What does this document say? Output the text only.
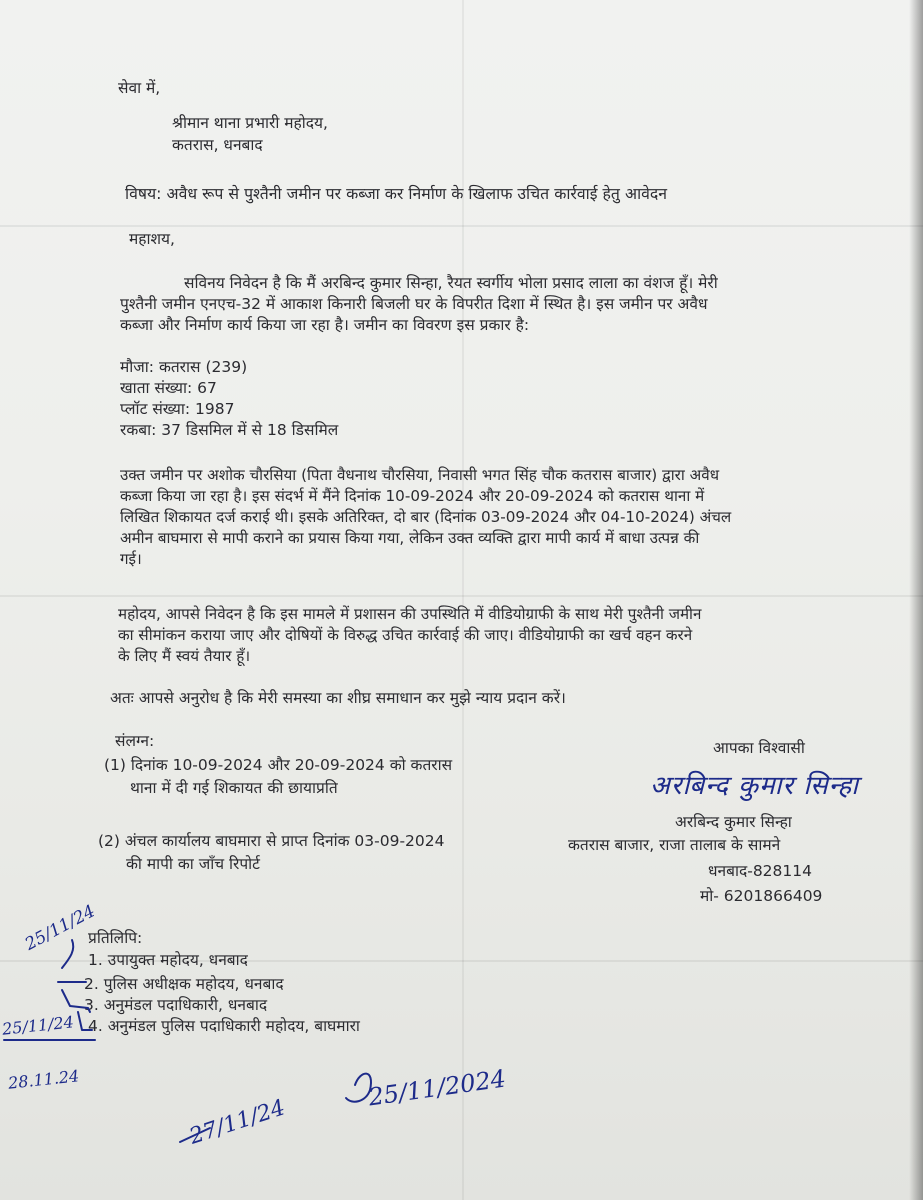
सेवा में,
श्रीमान थाना प्रभारी महोदय,
कतरास, धनबाद
विषय: अवैध रूप से पुश्तैनी जमीन पर कब्जा कर निर्माण के खिलाफ उचित कार्रवाई हेतु आवेदन
महाशय,
सविनय निवेदन है कि मैं अरबिन्द कुमार सिन्हा, रैयत स्वर्गीय भोला प्रसाद लाला का वंशज हूँ। मेरी
पुश्तैनी जमीन एनएच-32 में आकाश किनारी बिजली घर के विपरीत दिशा में स्थित है। इस जमीन पर अवैध
कब्जा और निर्माण कार्य किया जा रहा है। जमीन का विवरण इस प्रकार है:
मौजा: कतरास (239)
खाता संख्या: 67
प्लॉट संख्या: 1987
रकबा: 37 डिसमिल में से 18 डिसमिल
उक्त जमीन पर अशोक चौरसिया (पिता वैधनाथ चौरसिया, निवासी भगत सिंह चौक कतरास बाजार) द्वारा अवैध
कब्जा किया जा रहा है। इस संदर्भ में मैंने दिनांक 10-09-2024 और 20-09-2024 को कतरास थाना में
लिखित शिकायत दर्ज कराई थी। इसके अतिरिक्त, दो बार (दिनांक 03-09-2024 और 04-10-2024) अंचल
अमीन बाघमारा से मापी कराने का प्रयास किया गया, लेकिन उक्त व्यक्ति द्वारा मापी कार्य में बाधा उत्पन्न की
गई।
महोदय, आपसे निवेदन है कि इस मामले में प्रशासन की उपस्थिति में वीडियोग्राफी के साथ मेरी पुश्तैनी जमीन
का सीमांकन कराया जाए और दोषियों के विरुद्ध उचित कार्रवाई की जाए। वीडियोग्राफी का खर्च वहन करने
के लिए मैं स्वयं तैयार हूँ।
अतः आपसे अनुरोध है कि मेरी समस्या का शीघ्र समाधान कर मुझे न्याय प्रदान करें।
संलग्न:
(1) दिनांक 10-09-2024 और 20-09-2024 को कतरास
थाना में दी गई शिकायत की छायाप्रति
(2) अंचल कार्यालय बाघमारा से प्राप्त दिनांक 03-09-2024
की मापी का जाँच रिपोर्ट
आपका विश्वासी
अरबिन्द कुमार सिन्हा
अरबिन्द कुमार सिन्हा
कतरास बाजार, राजा तालाब के सामने
धनबाद-828114
मो- 6201866409
प्रतिलिपि:
1. उपायुक्त महोदय, धनबाद
2. पुलिस अधीक्षक महोदय, धनबाद
3. अनुमंडल पदाधिकारी, धनबाद
4. अनुमंडल पुलिस पदाधिकारी महोदय, बाघमारा
25/11/24
25/11/24
28.11.24
27/11/24
25/11/2024
